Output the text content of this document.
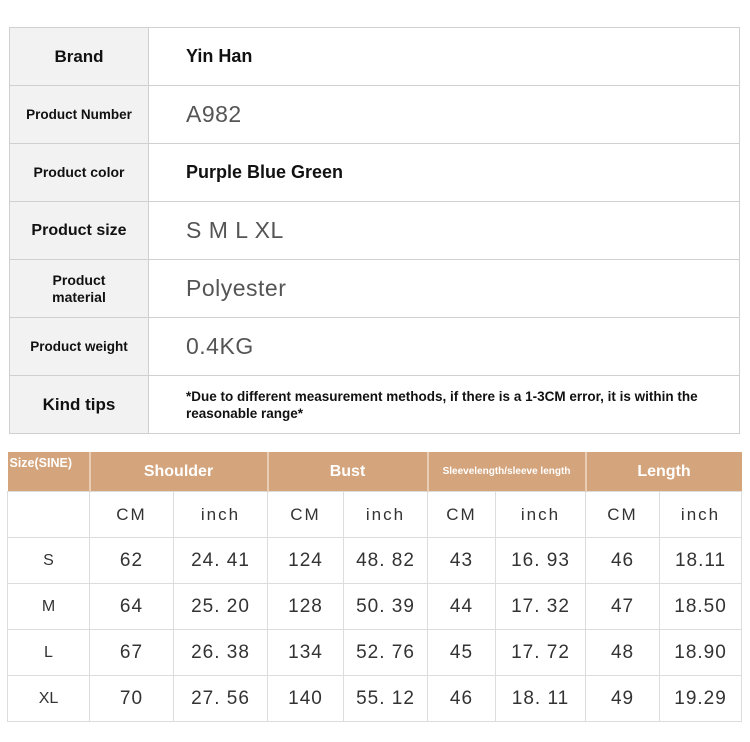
Brand	Yin Han
Product Number	A982
Product color	Purple Blue Green
Product size	S M L XL
Product material	Polyester
Product weight	0.4KG
Kind tips	*Due to different measurement methods, if there is a 1-3CM error, it is within the reasonable range*
Size(SINE)	Shoulder		Bust		Sleevelength/sleeve length		Length	
	CM	inch	CM	inch	CM	inch	CM	inch
S	62	24. 41	124	48. 82	43	16. 93	46	18.11
M	64	25. 20	128	50. 39	44	17. 32	47	18.50
L	67	26. 38	134	52. 76	45	17. 72	48	18.90
XL	70	27. 56	140	55. 12	46	18. 11	49	19.29
